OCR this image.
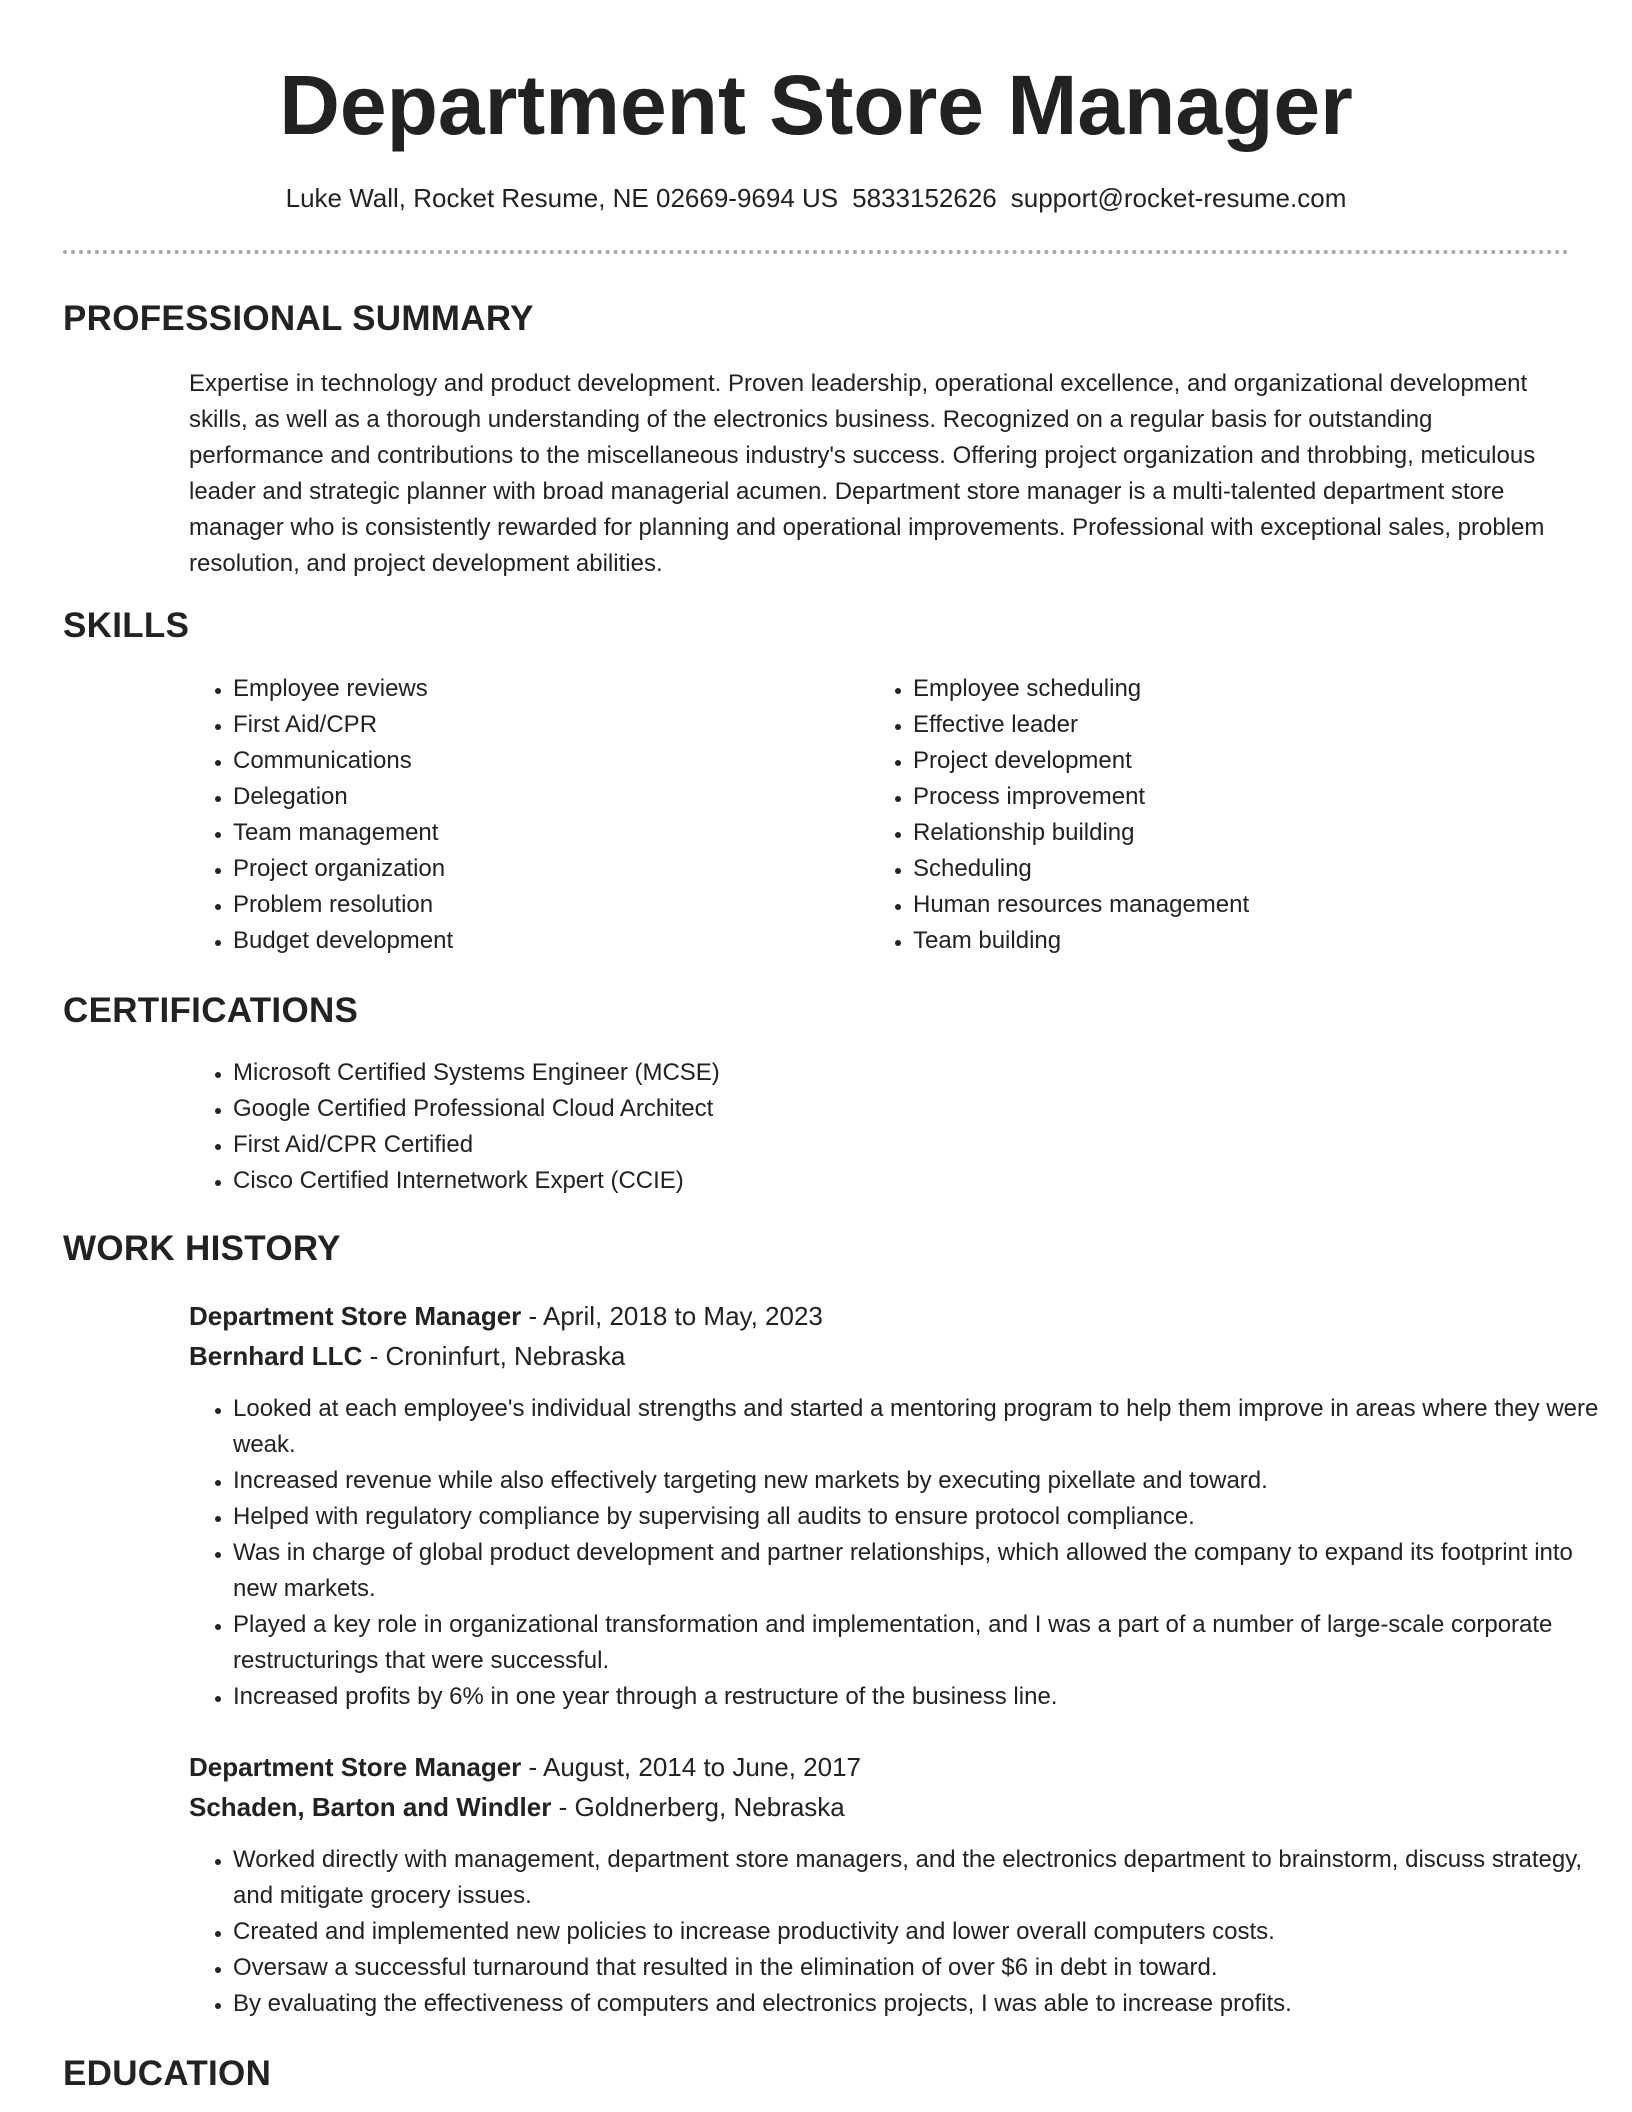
Department Store Manager
Luke Wall, Rocket Resume, NE 02669-9694 US 5833152626 support@rocket-resume.com
PROFESSIONAL SUMMARY

Expertise in technology and product development. Proven leadership, operational excellence, and organizational development skills, as well as a thorough understanding of the electronics business. Recognized on a regular basis for outstanding performance and contributions to the miscellaneous industry's success. Offering project organization and throbbing, meticulous leader and strategic planner with broad managerial acumen. Department store manager is a multi-talented department store manager who is consistently rewarded for planning and operational improvements. Professional with exceptional sales, problem resolution, and project development abilities.

SKILLS
• Employee reviews
• First Aid/CPR
• Communications
• Delegation
• Team management
• Project organization
• Problem resolution
• Budget development
• Employee scheduling
• Effective leader
• Project development
• Process improvement
• Relationship building
• Scheduling
• Human resources management
• Team building
CERTIFICATIONS
• Microsoft Certified Systems Engineer (MCSE)
• Google Certified Professional Cloud Architect
• First Aid/CPR Certified
• Cisco Certified Internetwork Expert (CCIE)
WORK HISTORY
Department Store Manager - April, 2018 to May, 2023
Bernhard LLC - Croninfurt, Nebraska
• Looked at each employee's individual strengths and started a mentoring program to help them improve in areas where they were weak.
• Increased revenue while also effectively targeting new markets by executing pixellate and toward.
• Helped with regulatory compliance by supervising all audits to ensure protocol compliance.
• Was in charge of global product development and partner relationships, which allowed the company to expand its footprint into new markets.
• Played a key role in organizational transformation and implementation, and I was a part of a number of large-scale corporate restructurings that were successful.
• Increased profits by 6% in one year through a restructure of the business line.
Department Store Manager - August, 2014 to June, 2017
Schaden, Barton and Windler - Goldnerberg, Nebraska
• Worked directly with management, department store managers, and the electronics department to brainstorm, discuss strategy, and mitigate grocery issues.
• Created and implemented new policies to increase productivity and lower overall computers costs.
• Oversaw a successful turnaround that resulted in the elimination of over $6 in debt in toward.
• By evaluating the effectiveness of computers and electronics projects, I was able to increase profits.
EDUCATION
